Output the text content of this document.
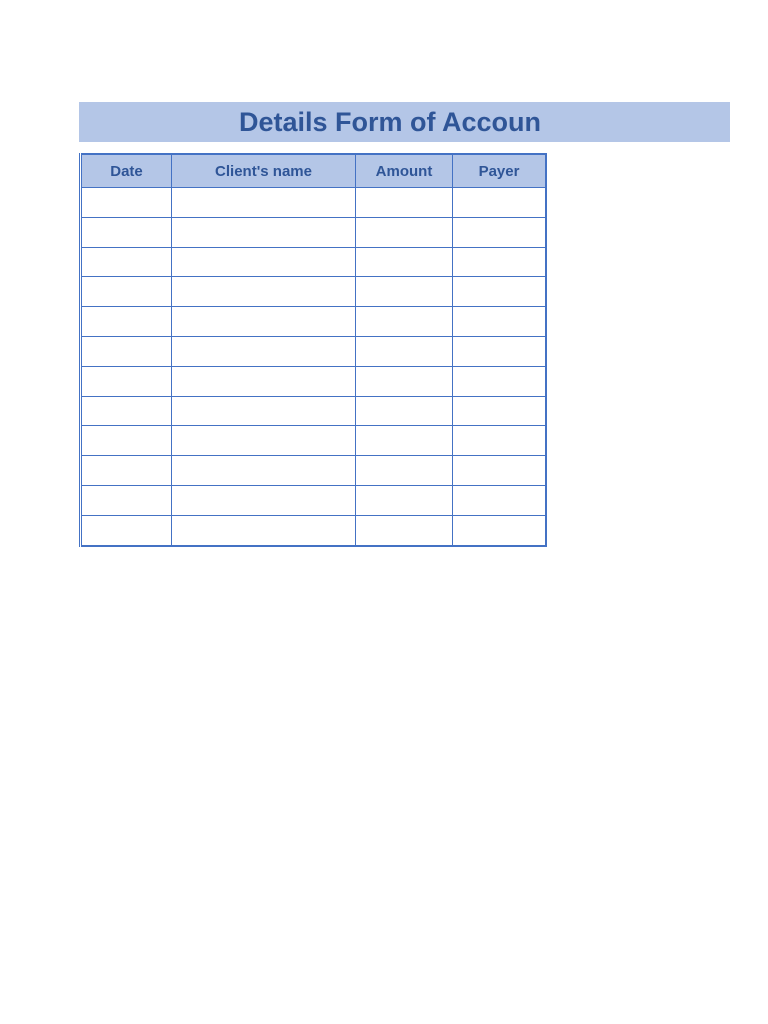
Details Form of Accoun
Date	Client's name	Amount	Payer
